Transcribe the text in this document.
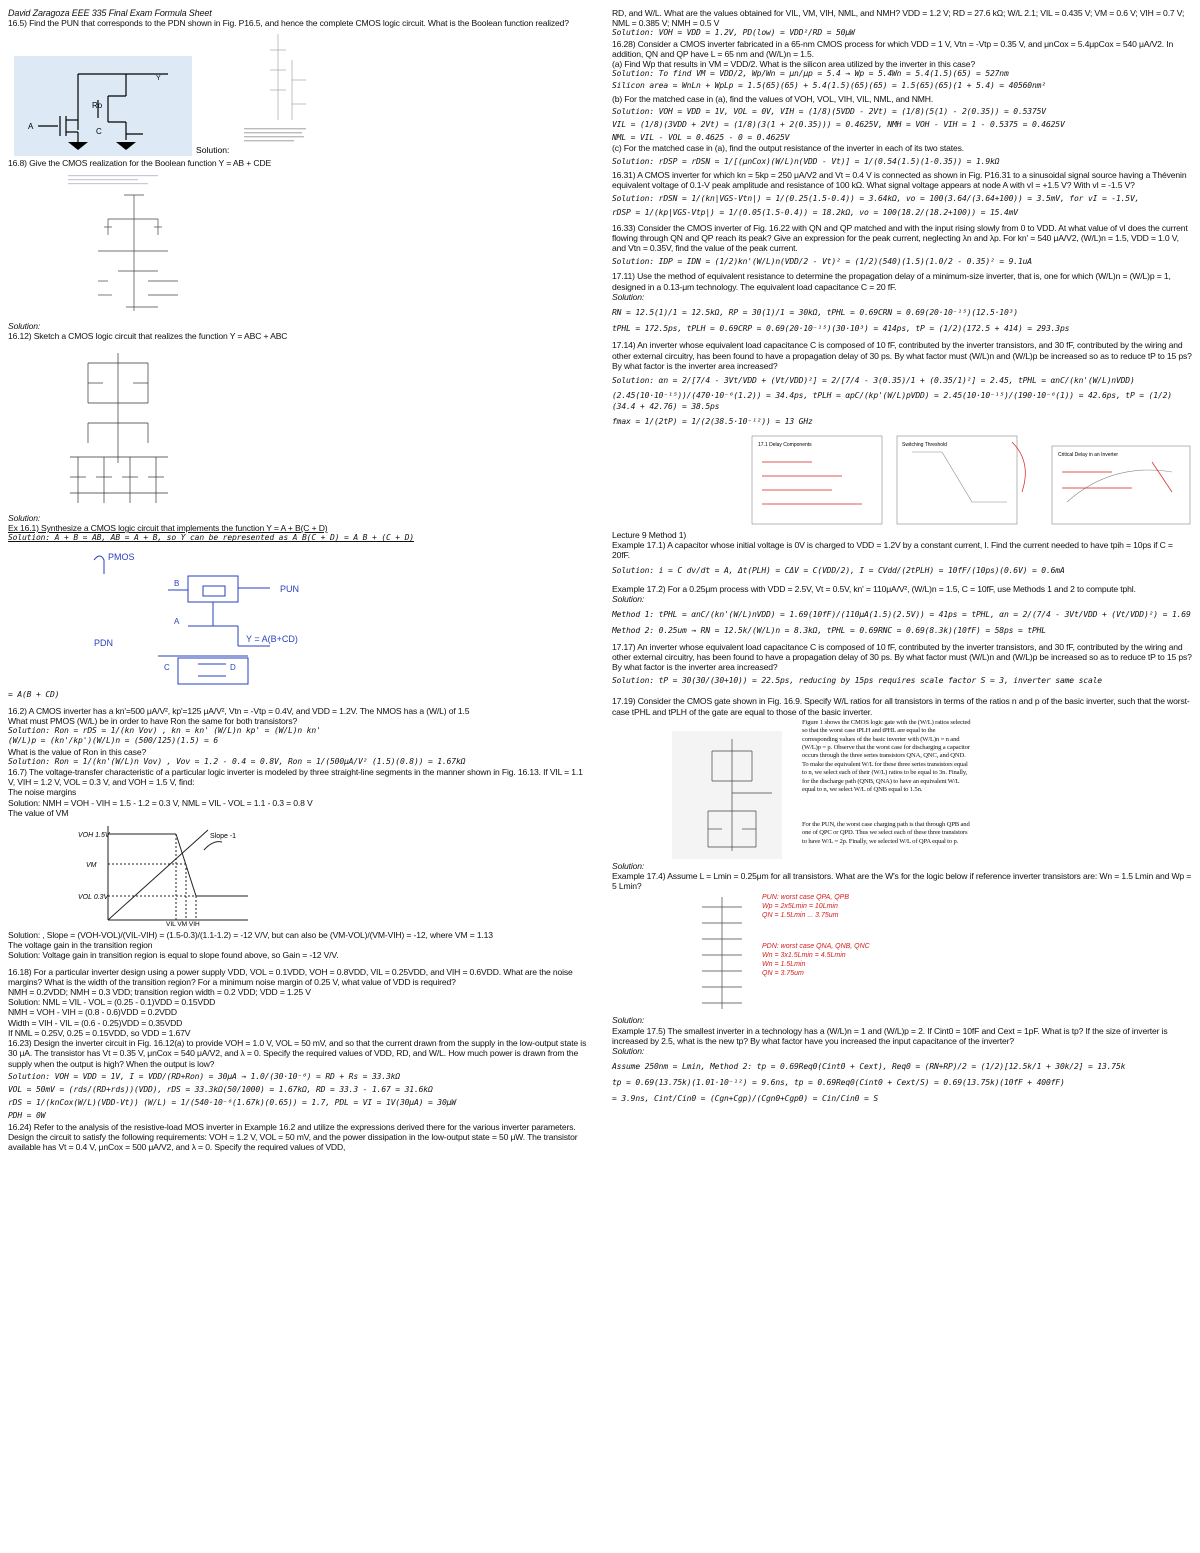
David Zaragoza EEE 335 Final Exam Formula Sheet

16.5) Find the PUN that corresponds to the PDN shown in Fig. P16.5, and hence the complete CMOS logic circuit. What is the Boolean function realized?

Y
Ro
C
A
Solution:

16.8) Give the CMOS realization for the Boolean function Y = AB + CDE

Solution:

16.12) Sketch a CMOS logic circuit that realizes the function Y = ABC + ABC

Solution:

Ex 16.1) Synthesize a CMOS logic circuit that implements the function Y = A + B(C + D)

Solution: A + B = AB, AB = A + B, so Y can be represented as A B(C + D) = A B + (C + D)

PMOS
PUN
PDN	Y = A(B+CD)
B
A
C	D

= A(B + CD)

16.2) A CMOS inverter has a kn'=500 μA/V², kp'=125 μA/V², Vtn = -Vtp = 0.4V, and VDD = 1.2V. The NMOS has a (W/L) of 1.5

What must PMOS (W/L) be in order to have Ron the same for both transistors?

Solution: Ron = rDS = 1/(kn Vov) , kn = kn' (W/L)n kp' = (W/L)n kn'

(W/L)p = (kn'/kp')(W/L)n = (500/125)(1.5) = 6

What is the value of Ron in this case?

Solution: Ron = 1/(kn'(W/L)n Vov) , Vov = 1.2 - 0.4 = 0.8V, Ron = 1/(500μA/V² (1.5)(0.8)) = 1.67kΩ

16.7) The voltage-transfer characteristic of a particular logic inverter is modeled by three straight-line segments in the manner shown in Fig. 16.13. If VIL = 1.1 V, VIH = 1.2 V, VOL = 0.3 V, and VOH = 1.5 V, find:

The noise margins

Solution: NMH = VOH - VIH = 1.5 - 1.2 = 0.3 V, NML = VIL - VOL = 1.1 - 0.3 = 0.8 V

The value of VM

VOH 1.5V
VM
VOL 0.3V
VIL VM VIH
Slope -1

Solution: , Slope = (VOH-VOL)/(VIL-VIH) = (1.5-0.3)/(1.1-1.2) = -12 V/V, but can also be (VM-VOL)/(VM-VIH) = -12, where VM = 1.13

The voltage gain in the transition region

Solution: Voltage gain in transition region is equal to slope found above, so Gain = -12 V/V.

16.18) For a particular inverter design using a power supply VDD, VOL = 0.1VDD, VOH = 0.8VDD, VIL = 0.25VDD, and VIH = 0.6VDD. What are the noise margins? What is the width of the transition region? For a minimum noise margin of 0.25 V, what value of VDD is required?

NMH = 0.2VDD; NMH = 0.3 VDD; transition region width = 0.2 VDD; VDD = 1.25 V

Solution: NML = VIL - VOL = (0.25 - 0.1)VDD = 0.15VDD

NMH = VOH - VIH = (0.8 - 0.6)VDD = 0.2VDD

Width = VIH - VIL = (0.6 - 0.25)VDD = 0.35VDD

If NML = 0.25V, 0.25 = 0.15VDD, so VDD = 1.67V

16.23) Design the inverter circuit in Fig. 16.12(a) to provide VOH = 1.0 V, VOL = 50 mV, and so that the current drawn from the supply in the low-output state is 30 μA. The transistor has Vt = 0.35 V, μnCox = 540 μA/V2, and λ = 0. Specify the required values of VDD, RD, and W/L. How much power is drawn from the supply when the output is high? When the output is low?

Solution: VOH = VDD = 1V, I = VDD/(RD+Ron) = 30μA → 1.0/(30·10⁻⁶) = RD + Rs = 33.3kΩ

VOL = 50mV = (rds/(RD+rds))(VDD), rDS = 33.3kΩ(50/1000) = 1.67kΩ, RD = 33.3 - 1.67 = 31.6kΩ

rDS = 1/(knCox(W/L)(VDD-Vt)) (W/L) = 1/(540·10⁻⁶(1.67k)(0.65)) = 1.7, PDL = VI = 1V(30μA) = 30μW

PDH = 0W

16.24) Refer to the analysis of the resistive-load MOS inverter in Example 16.2 and utilize the expressions derived there for the various inverter parameters. Design the circuit to satisfy the following requirements: VOH = 1.2 V, VOL = 50 mV, and the power dissipation in the low-output state = 50 μW. The transistor available has Vt = 0.4 V, μnCox = 500 μA/V2, and λ = 0. Specify the required values of VDD,

RD, and W/L. What are the values obtained for VIL, VM, VIH, NML, and NMH? VDD = 1.2 V; RD = 27.6 kΩ; W/L 2.1; VIL = 0.435 V; VM = 0.6 V; VIH = 0.7 V; NML = 0.385 V; NMH = 0.5 V

Solution: VOH = VDD = 1.2V, PD(low) = VDD²/RD = 50μW

16.28) Consider a CMOS inverter fabricated in a 65-nm CMOS process for which VDD = 1 V, Vtn = -Vtp = 0.35 V, and μnCox = 5.4μpCox = 540 μA/V2. In addition, QN and QP have L = 65 nm and (W/L)n = 1.5.

(a) Find Wp that results in VM = VDD/2. What is the silicon area utilized by the inverter in this case?

Solution: To find VM = VDD/2, Wp/Wn = μn/μp = 5.4 → Wp = 5.4Wn = 5.4(1.5)(65) = 527nm

Silicon area = WnLn + WpLp = 1.5(65)(65) + 5.4(1.5)(65)(65) = 1.5(65)(65)(1 + 5.4) = 40560nm²

(b) For the matched case in (a), find the values of VOH, VOL, VIH, VIL, NML, and NMH.

Solution: VOH = VDD = 1V, VOL = 0V, VIH = (1/8)(5VDD - 2Vt) = (1/8)(5(1) - 2(0.35)) = 0.5375V

VIL = (1/8)(3VDD + 2Vt) = (1/8)(3(1 + 2(0.35))) = 0.4625V, NMH = VOH - VIH = 1 - 0.5375 = 0.4625V

NML = VIL - VOL = 0.4625 - 0 = 0.4625V

(c) For the matched case in (a), find the output resistance of the inverter in each of its two states.

Solution: rDSP = rDSN = 1/[(μnCox)(W/L)n(VDD - Vt)] = 1/(0.54(1.5)(1-0.35)) = 1.9kΩ

16.31) A CMOS inverter for which kn = 5kp = 250 μA/V2 and Vt = 0.4 V is connected as shown in Fig. P16.31 to a sinusoidal signal source having a Thévenin equivalent voltage of 0.1-V peak amplitude and resistance of 100 kΩ. What signal voltage appears at node A with vI = +1.5 V? With vI = -1.5 V?

Solution: rDSN = 1/(kn|VGS-Vtn|) = 1/(0.25(1.5-0.4)) = 3.64kΩ, vo = 100(3.64/(3.64+100)) = 3.5mV, for vI = -1.5V,

rDSP = 1/(kp|VGS-Vtp|) = 1/(0.05(1.5-0.4)) = 18.2kΩ, vo = 100(18.2/(18.2+100)) = 15.4mV

16.33) Consider the CMOS inverter of Fig. 16.22 with QN and QP matched and with the input rising slowly from 0 to VDD. At what value of vI does the current flowing through QN and QP reach its peak? Give an expression for the peak current, neglecting λn and λp. For kn' = 540 μA/V2, (W/L)n = 1.5, VDD = 1.0 V, and Vtn = 0.35V, find the value of the peak current.

Solution: IDP = IDN = (1/2)kn'(W/L)n(VDD/2 - Vt)² = (1/2)(540)(1.5)(1.0/2 - 0.35)² = 9.1uA

17.11) Use the method of equivalent resistance to determine the propagation delay of a minimum-size inverter, that is, one for which (W/L)n = (W/L)p = 1, designed in a 0.13-μm technology. The equivalent load capacitance C = 20 fF.

Solution:

RN = 12.5(1)/1 = 12.5kΩ, RP = 30(1)/1 = 30kΩ, tPHL = 0.69CRN = 0.69(20·10⁻¹⁵)(12.5·10³)

tPHL = 172.5ps, tPLH = 0.69CRP = 0.69(20·10⁻¹⁵)(30·10³) = 414ps, tP = (1/2)(172.5 + 414) = 293.3ps

17.14) An inverter whose equivalent load capacitance C is composed of 10 fF, contributed by the inverter transistors, and 30 fF, contributed by the wiring and other external circuitry, has been found to have a propagation delay of 30 ps. By what factor must (W/L)n and (W/L)p be increased so as to reduce tP to 15 ps? By what factor is the inverter area increased?

Solution: αn = 2/[7/4 - 3Vt/VDD + (Vt/VDD)²] = 2/[7/4 - 3(0.35)/1 + (0.35/1)²] = 2.45, tPHL = αnC/(kn'(W/L)nVDD)

(2.45(10·10⁻¹⁵))/(470·10⁻⁶(1.2)) = 34.4ps, tPLH = αpC/(kp'(W/L)pVDD) = 2.45(10·10⁻¹⁵)/(190·10⁻⁶(1)) = 42.6ps, tP = (1/2)(34.4 + 42.76) = 38.5ps

fmax = 1/(2tP) = 1/(2(38.5·10⁻¹²)) = 13 GHz

17.1 Delay Components	Switching Threshold
Critical Delay in an Inverter

Lecture 9 Method 1)

Example 17.1) A capacitor whose initial voltage is 0V is charged to VDD = 1.2V by a constant current, I. Find the current needed to have tpih = 10ps if C = 20fF.

Solution: i = C dv/dt = A, Δt(PLH) = CΔV = C(VDD/2), I = CVdd/(2tPLH) = 10fF/(10ps)(0.6V) = 0.6mA

Example 17.2) For a 0.25μm process with VDD = 2.5V, Vt = 0.5V, kn' = 110μA/V², (W/L)n = 1.5, C = 10fF, use Methods 1 and 2 to compute tphl.

Solution:

Method 1: tPHL = αnC/(kn'(W/L)nVDD) = 1.69(10fF)/(110μA(1.5)(2.5V)) = 41ps = tPHL, αn = 2/(7/4 - 3Vt/VDD + (Vt/VDD)²) = 1.69

Method 2: 0.25um → RN = 12.5k/(W/L)n = 8.3kΩ, tPHL = 0.69RNC = 0.69(8.3k)(10fF) = 58ps = tPHL

17.17) An inverter whose equivalent load capacitance C is composed of 10 fF, contributed by the inverter transistors, and 30 fF, contributed by the wiring and other external circuitry, has been found to have a propagation delay of 30 ps. By what factor must (W/L)n and (W/L)p be increased so as to reduce tP to 15 ps? By what factor is the inverter area increased?

Solution: tP = 30(30/(30+10)) = 22.5ps, reducing by 15ps requires scale factor S = 3, inverter same scale

17.19) Consider the CMOS gate shown in Fig. 16.9. Specify W/L ratios for all transistors in terms of the ratios n and p of the basic inverter, such that the worst-case tPHL and tPLH of the gate are equal to those of the basic inverter.

Figure 1 shows the CMOS logic gate with the (W/L) ratios selected so that the worst case tPLH and tPHL are equal to the corresponding values of the basic inverter with (W/L)n = n and (W/L)p = p. Observe that the worst case for discharging a capacitor occurs through the three series transistors QNA, QNC, and QND. To make the equivalent W/L for these three series transistors equal to n, we select each of their (W/L) ratios to be equal to 3n. Finally, for the discharge path (QNB, QNA) to have an equivalent W/L equal to n, we select W/L of QNB equal to 1.5n.

For the PUN, the worst case charging path is that through QPB and one of QPC or QPD. Thus we select each of these three transistors to have W/L = 2p. Finally, we selected W/L of QPA equal to p.

Solution:

Example 17.4) Assume L = Lmin = 0.25μm for all transistors. What are the W's for the logic below if reference inverter transistors are: Wn = 1.5 Lmin and Wp = 5 Lmin?

PUN: worst case QPA, QPB
Wp = 2x5Lmin = 10Lmin
QN = 1.5Lmin ... 3.75um
PDN: worst case QNA, QNB, QNC
Wn = 3x1.5Lmin = 4.5Lmin
Wn = 1.5Lmin
QN = 3.75um

Solution:

Example 17.5) The smallest inverter in a technology has a (W/L)n = 1 and (W/L)p = 2. If Cint0 = 10fF and Cext = 1pF. What is tp? If the size of inverter is increased by 2.5, what is the new tp? By what factor have you increased the input capacitance of the inverter?

Solution:

Assume 250nm = Lmin, Method 2: tp = 0.69Req0(Cint0 + Cext), Req0 = (RN+RP)/2 = (1/2)[12.5k/1 + 30k/2] = 13.75k

tp = 0.69(13.75k)(1.01·10⁻¹²) = 9.6ns, tp = 0.69Req0(Cint0 + Cext/S) = 0.69(13.75k)(10fF + 400fF)

= 3.9ns, Cint/Cin0 = (Cgn+Cgp)/(Cgn0+Cgp0) = Cin/Cin0 = S
